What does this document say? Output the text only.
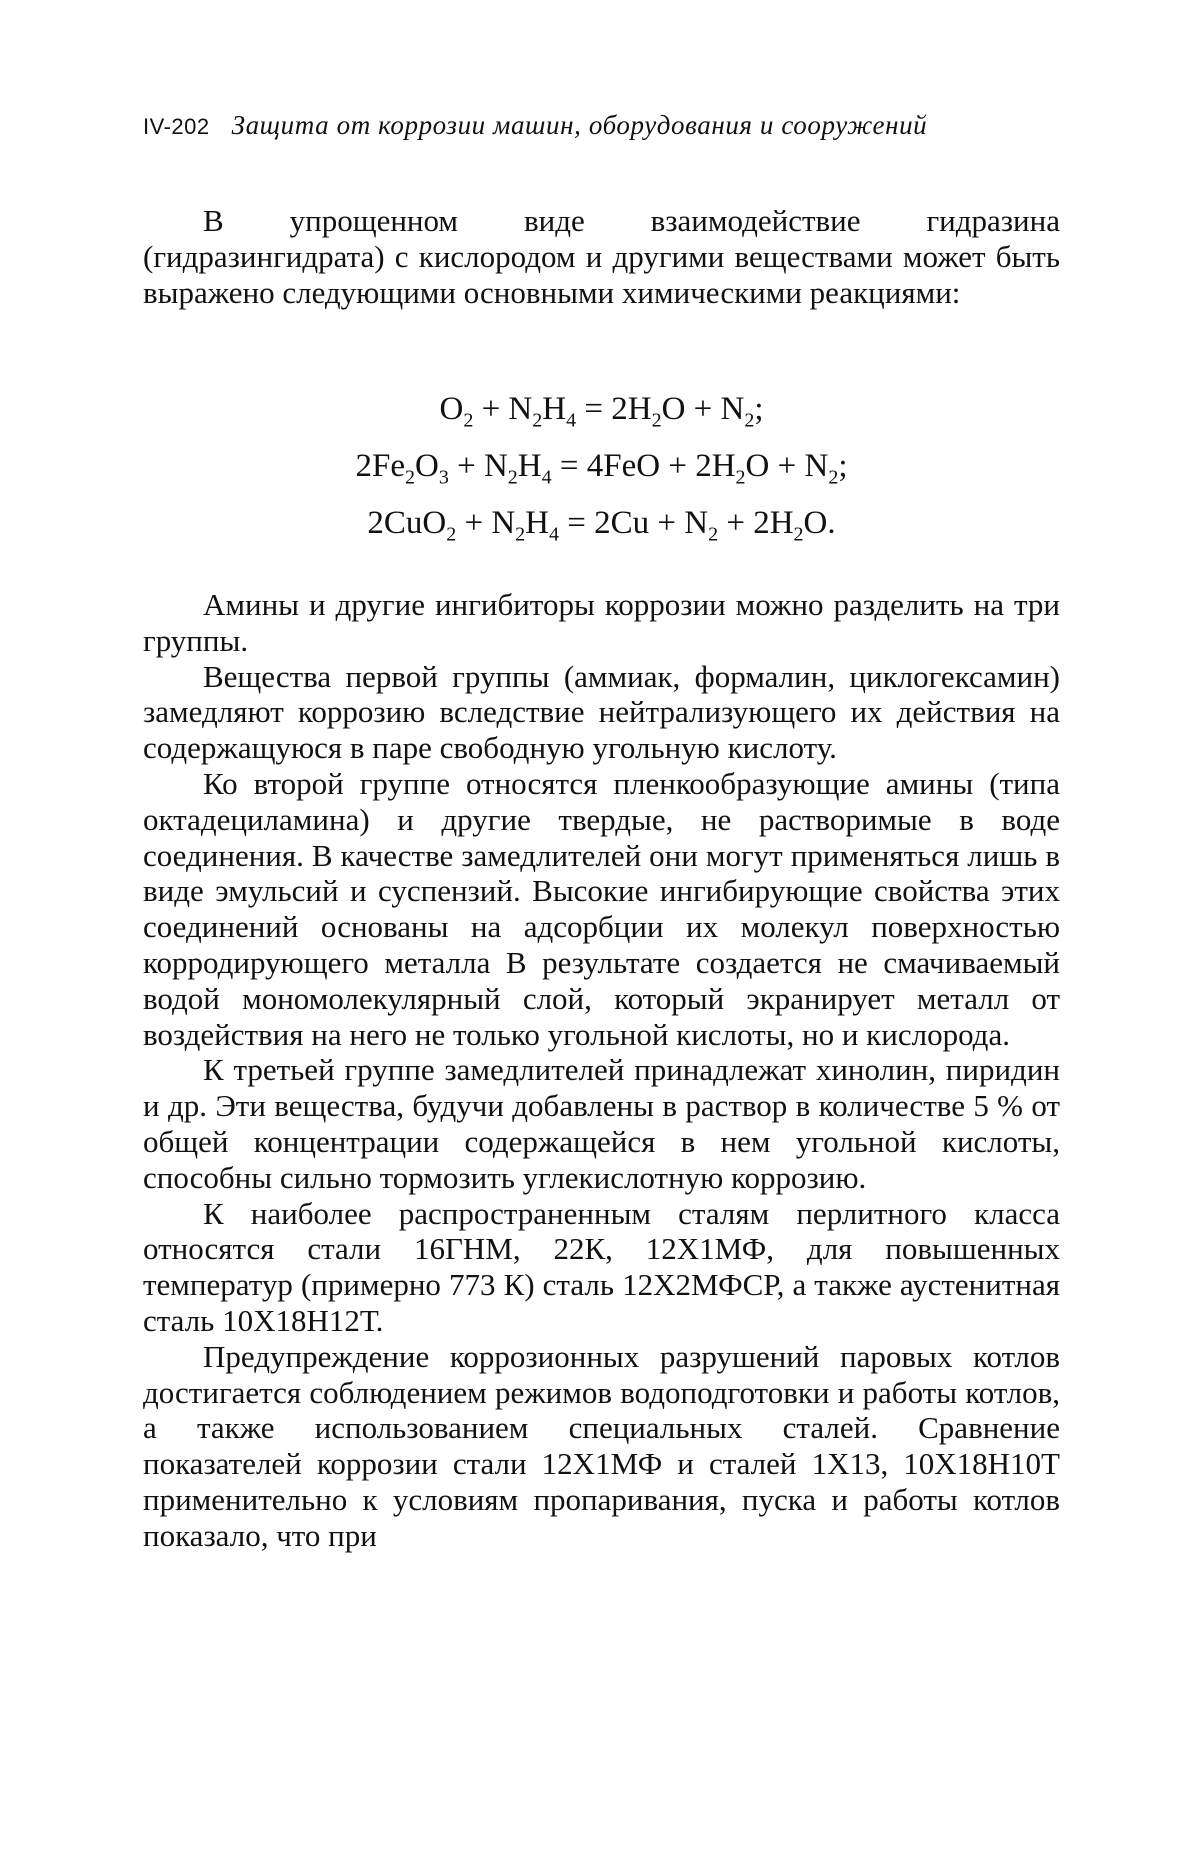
IV-202 Защита от коррозии машин, оборудования и сооружений

В упрощенном виде взаимодействие гидразина (гидразингидрата) с кислородом и другими веществами может быть выражено следующими основными химическими реакциями:

$O_2 + N_2H_4 = 2H_2O + N_2$;
$2Fe_2O_3 + N_2H_4 = 4FeO + 2H_2O + N_2$;
$2CuO_2 + N_2H_4 = 2Cu + N_2 + 2H_2O$.

Амины и другие ингибиторы коррозии можно разделить на три группы.

Вещества первой группы (аммиак, формалин, циклогексамин) замедляют коррозию вследствие нейтрализующего их действия на содержащуюся в паре свободную угольную кислоту.

Ко второй группе относятся пленкообразующие амины (типа октадециламина) и другие твердые, не растворимые в воде соединения. В качестве замедлителей они могут применяться лишь в виде эмульсий и суспензий. Высокие ингибирующие свойства этих соединений основаны на адсорбции их молекул поверхностью корродирующего металла В результате создается не смачиваемый водой мономолекулярный слой, который экранирует металл от воздействия на него не только угольной кислоты, но и кислорода.

К третьей группе замедлителей принадлежат хинолин, пиридин и др. Эти вещества, будучи добавлены в раствор в количестве 5 % от общей концентрации содержащейся в нем угольной кислоты, способны сильно тормозить углекислотную коррозию.

К наиболее распространенным сталям перлитного класса относятся стали 16ГНМ, 22К, 12Х1МФ, для повышенных температур (примерно 773 К) сталь 12Х2МФСР, а также аустенитная сталь 10Х18Н12Т.

Предупреждение коррозионных разрушений паровых котлов достигается соблюдением режимов водоподготовки и работы котлов, а также использованием специальных сталей. Сравнение показателей коррозии стали 12Х1МФ и сталей 1Х13, 10Х18Н10Т применительно к условиям пропаривания, пуска и работы котлов показало, что при
